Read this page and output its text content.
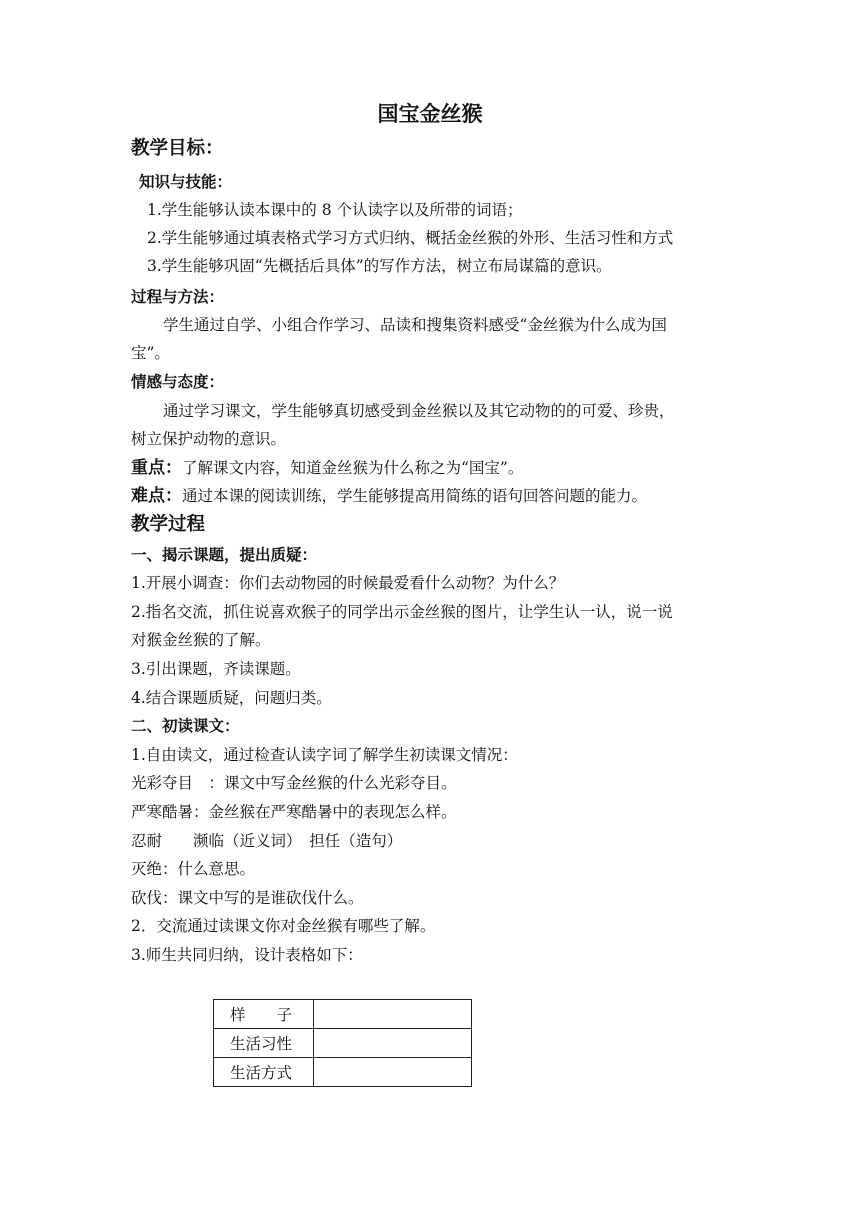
国宝金丝猴
教学目标：
知识与技能：
1.学生能够认读本课中的 8 个认读字以及所带的词语；
2.学生能够通过填表格式学习方式归纳、概括金丝猴的外形、生活习性和方式
3.学生能够巩固“先概括后具体”的写作方法，树立布局谋篇的意识。
过程与方法：
学生通过自学、小组合作学习、品读和搜集资料感受“金丝猴为什么成为国
宝”。
情感与态度：
通过学习课文，学生能够真切感受到金丝猴以及其它动物的的可爱、珍贵，
树立保护动物的意识。
重点：了解课文内容，知道金丝猴为什么称之为“国宝”。
难点：通过本课的阅读训练，学生能够提高用简练的语句回答问题的能力。
教学过程
一、揭示课题，提出质疑：
1.开展小调查：你们去动物园的时候最爱看什么动物？为什么？
2.指名交流，抓住说喜欢猴子的同学出示金丝猴的图片，让学生认一认，说一说
对猴金丝猴的了解。
3.引出课题，齐读课题。
4.结合课题质疑，问题归类。
二、初读课文：
1.自由读文，通过检查认读字词了解学生初读课文情况：
光彩夺目　：课文中写金丝猴的什么光彩夺目。
严寒酷暑：金丝猴在严寒酷暑中的表现怎么样。
忍耐　　濒临（近义词）　担任（造句）
灭绝：什么意思。
砍伐：课文中写的是谁砍伐什么。
2．交流通过读课文你对金丝猴有哪些了解。
3.师生共同归纳，设计表格如下：
样　　子	
生活习性	
生活方式	
